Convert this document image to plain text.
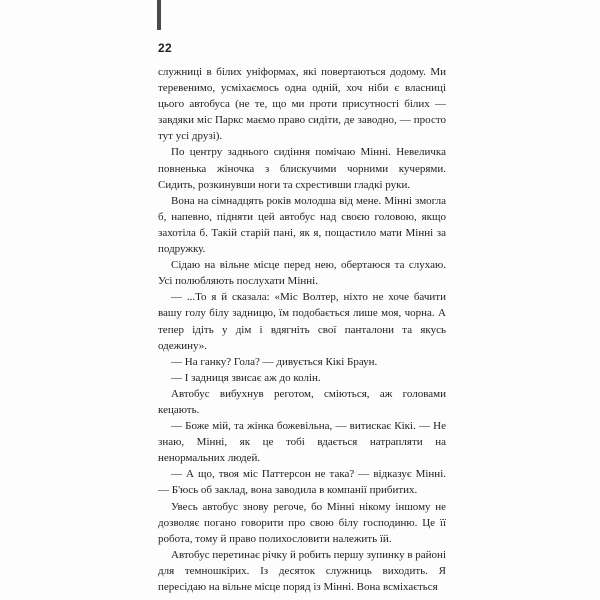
22

служниці в білих уніформах, які повертаються додому. Ми теревенимо, усміхаємось одна одній, хоч ніби є власниці цього автобуса (не те, що ми проти присутності білих — завдяки міс Паркс маємо право сидіти, де заводно, — просто тут усі друзі).

По центру заднього сидіння помічаю Мінні. Невеличка повненька жіночка з блискучими чорними кучерями. Сидить, розкинувши ноги та схрестивши гладкі руки.

Вона на сімнадцять років молодша від мене. Мінні змогла б, напевно, підняти цей автобус над своєю головою, якщо захотіла б. Такій старій пані, як я, пощастило мати Мінні за подружку.

Сідаю на вільне місце перед нею, обертаюся та слухаю. Усі полюбляють послухати Мінні.

— ...То я й сказала: «Міс Волтер, ніхто не хоче бачити вашу голу білу задницю, їм подобається лише моя, чорна. А тепер ідіть у дім і вдягніть свої панталони та якусь одежину».

— На ганку? Гола? — дивується Кікі Браун.

— І задниця звисає аж до колін.

Автобус вибухнув реготом, сміються, аж головами кецають.

— Боже мій, та жінка божевільна, — витискає Кікі. — Не знаю, Мінні, як це тобі вдається натрапляти на ненормальних людей.

— А що, твоя міс Паттерсон не така? — відказує Мінні. — Б'юсь об заклад, вона заводила в компанії прибитих.

Увесь автобус знову регоче, бо Мінні нікому іншому не дозволяє погано говорити про свою білу господиню. Це її робота, тому й право полихословити належить їй.

Автобус перетинає річку й робить першу зупинку в районі для темношкірих. Із десяток служниць виходить. Я пересідаю на вільне місце поряд із Мінні. Вона всміхається
